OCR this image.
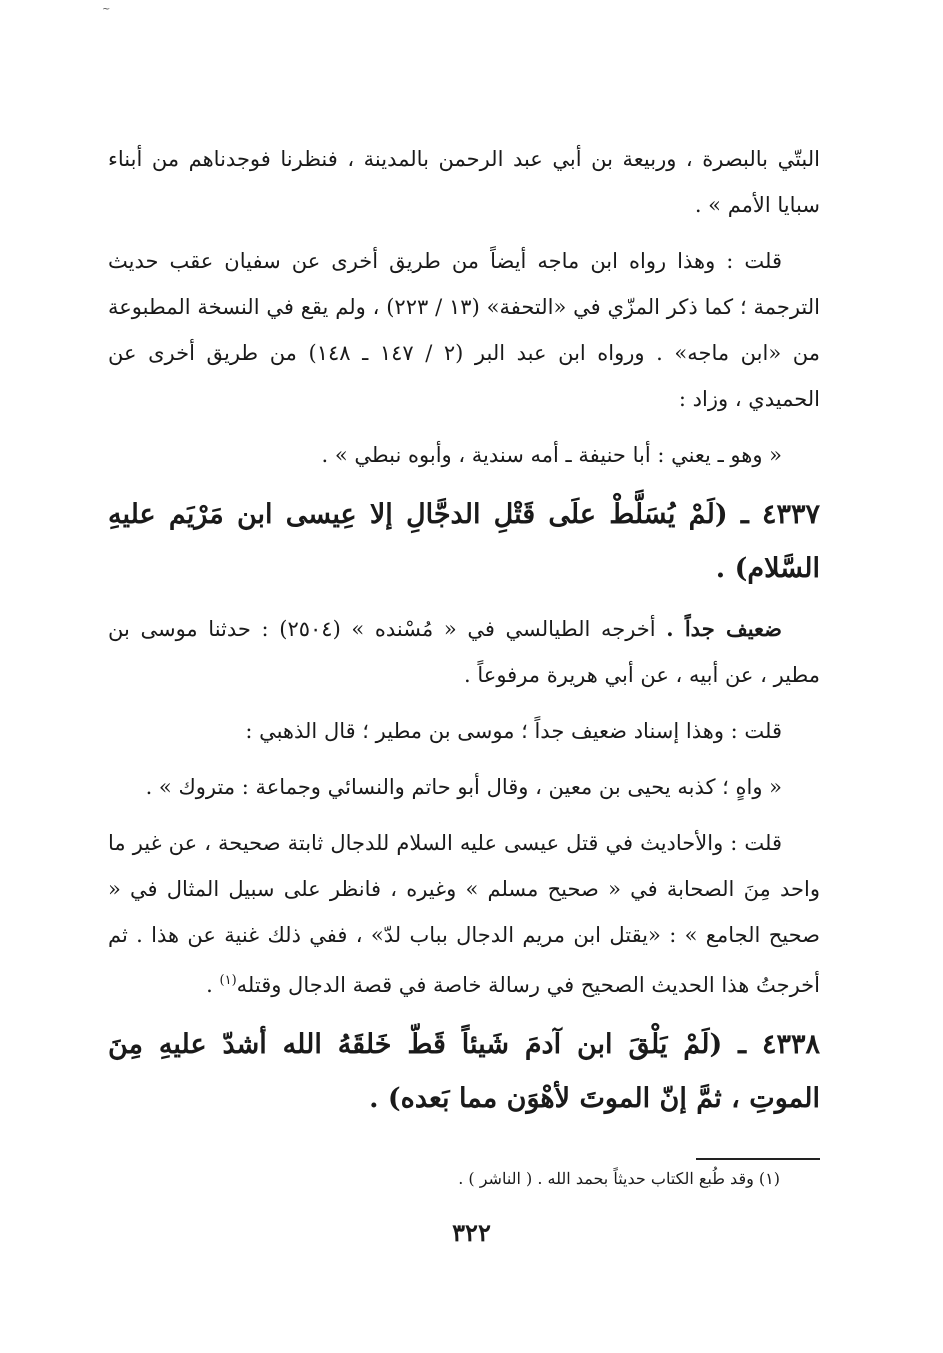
~

البتّي بالبصرة ، وربيعة بن أبي عبد الرحمن بالمدينة ، فنظرنا فوجدناهم من أبناء سبايا الأمم » .

قلت : وهذا رواه ابن ماجه أيضاً من طريق أخرى عن سفيان عقب حديث الترجمة ؛ كما ذكر المزّي في «التحفة» (١٣ / ٢٢٣) ، ولم يقع في النسخة المطبوعة من «ابن ماجه» . ورواه ابن عبد البر (٢ / ١٤٧ ـ ١٤٨) من طريق أخرى عن الحميدي ، وزاد :

« وهو ـ يعني : أبا حنيفة ـ أمه سندية ، وأبوه نبطي » .

٤٣٣٧ ـ (لَمْ يُسَلَّطْ علَى قَتْلِ الدجَّالِ إلا عِيسى ابن مَرْيَم عليهِ السَّلام) .

ضعيف جداً . أخرجه الطيالسي في « مُسْنده » (٢٥٠٤) : حدثنا موسى بن مطير ، عن أبيه ، عن أبي هريرة مرفوعاً .

قلت : وهذا إسناد ضعيف جداً ؛ موسى بن مطير ؛ قال الذهبي :

« واهٍ ؛ كذبه يحيى بن معين ، وقال أبو حاتم والنسائي وجماعة : متروك » .

قلت : والأحاديث في قتل عيسى عليه السلام للدجال ثابتة صحيحة ، عن غير ما واحد مِنَ الصحابة في « صحيح مسلم » وغيره ، فانظر على سبيل المثال في « صحيح الجامع » : «يقتل ابن مريم الدجال بباب لدّ» ، ففي ذلك غنية عن هذا . ثم أخرجتُ هذا الحديث الصحيح في رسالة خاصة في قصة الدجال وقتله$^{(١)}$ .

٤٣٣٨ ـ (لَمْ يَلْقَ ابن آدمَ شَيئاً قَطّ خَلقَهُ الله أشدّ عليهِ مِنَ الموتِ ، ثمَّ إنّ الموتَ لأهْوَن مما بَعده) .

(١) وقد طُبع الكتاب حديثاً بحمد الله . ( الناشر ) .

٣٢٢
